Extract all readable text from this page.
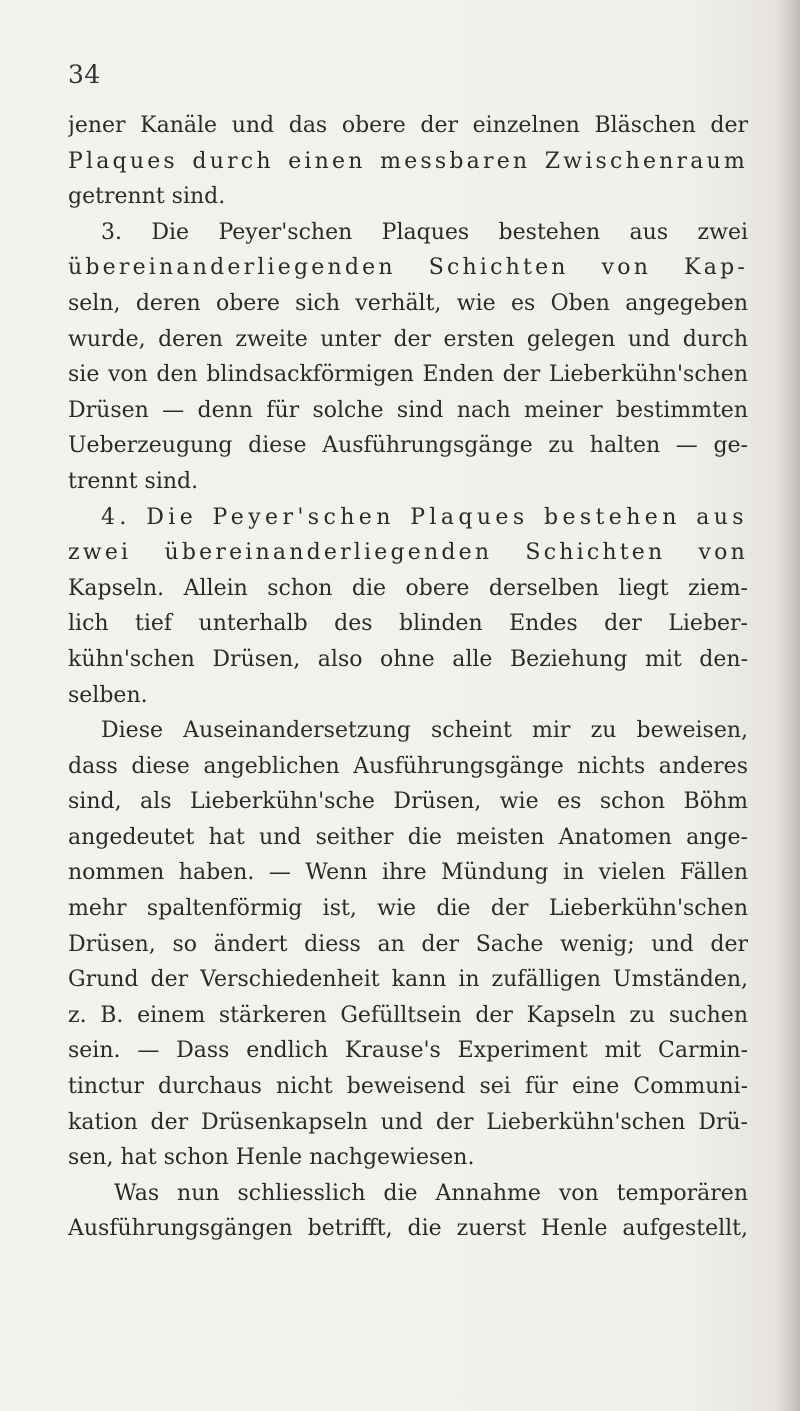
34
jener Kanäle und das obere der einzelnen Bläschen der
Plaques durch einen messbaren Zwischenraum
getrennt sind.
3. Die Peyer'schen Plaques bestehen aus zwei
übereinanderliegenden Schichten von Kap-
seln, deren obere sich verhält, wie es Oben angegeben
wurde, deren zweite unter der ersten gelegen und durch
sie von den blindsackförmigen Enden der Lieberkühn'schen
Drüsen — denn für solche sind nach meiner bestimmten
Ueberzeugung diese Ausführungsgänge zu halten — ge-
trennt sind.
4. Die Peyer'schen Plaques bestehen aus
zwei übereinanderliegenden Schichten von
Kapseln. Allein schon die obere derselben liegt ziem-
lich tief unterhalb des blinden Endes der Lieber-
kühn'schen Drüsen, also ohne alle Beziehung mit den-
selben.
Diese Auseinandersetzung scheint mir zu beweisen,
dass diese angeblichen Ausführungsgänge nichts anderes
sind, als Lieberkühn'sche Drüsen, wie es schon Böhm
angedeutet hat und seither die meisten Anatomen ange-
nommen haben. — Wenn ihre Mündung in vielen Fällen
mehr spaltenförmig ist, wie die der Lieberkühn'schen
Drüsen, so ändert diess an der Sache wenig; und der
Grund der Verschiedenheit kann in zufälligen Umständen,
z. B. einem stärkeren Gefülltsein der Kapseln zu suchen
sein. — Dass endlich Krause's Experiment mit Carmin-
tinctur durchaus nicht beweisend sei für eine Communi-
kation der Drüsenkapseln und der Lieberkühn'schen Drü-
sen, hat schon Henle nachgewiesen.
Was nun schliesslich die Annahme von temporären
Ausführungsgängen betrifft, die zuerst Henle aufgestellt,
